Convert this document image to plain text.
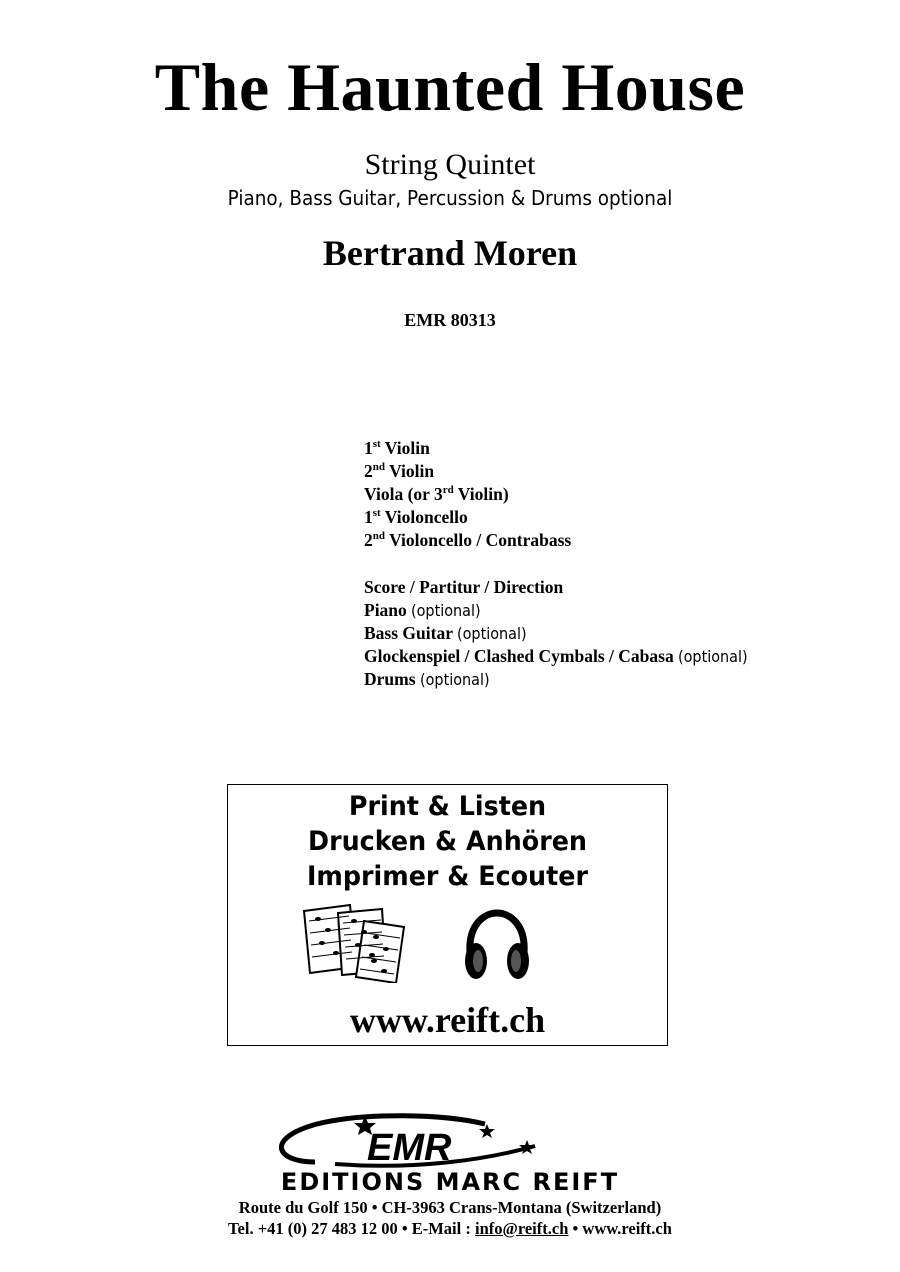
The Haunted House
String Quintet
Piano, Bass Guitar, Percussion & Drums optional
Bertrand Moren
EMR 80313
1st Violin
2nd Violin
Viola (or 3rd Violin)
1st Violoncello
2nd Violoncello / Contrabass
Score / Partitur / Direction
Piano (optional)
Bass Guitar (optional)
Glockenspiel / Clashed Cymbals / Cabasa (optional)
Drums (optional)
Print & Listen
Drucken & Anhören
Imprimer & Ecouter
www.reift.ch
EMR
EDITIONS MARC REIFT
Route du Golf 150 • CH-3963 Crans-Montana (Switzerland)
Tel. +41 (0) 27 483 12 00 • E-Mail : info@reift.ch • www.reift.ch
